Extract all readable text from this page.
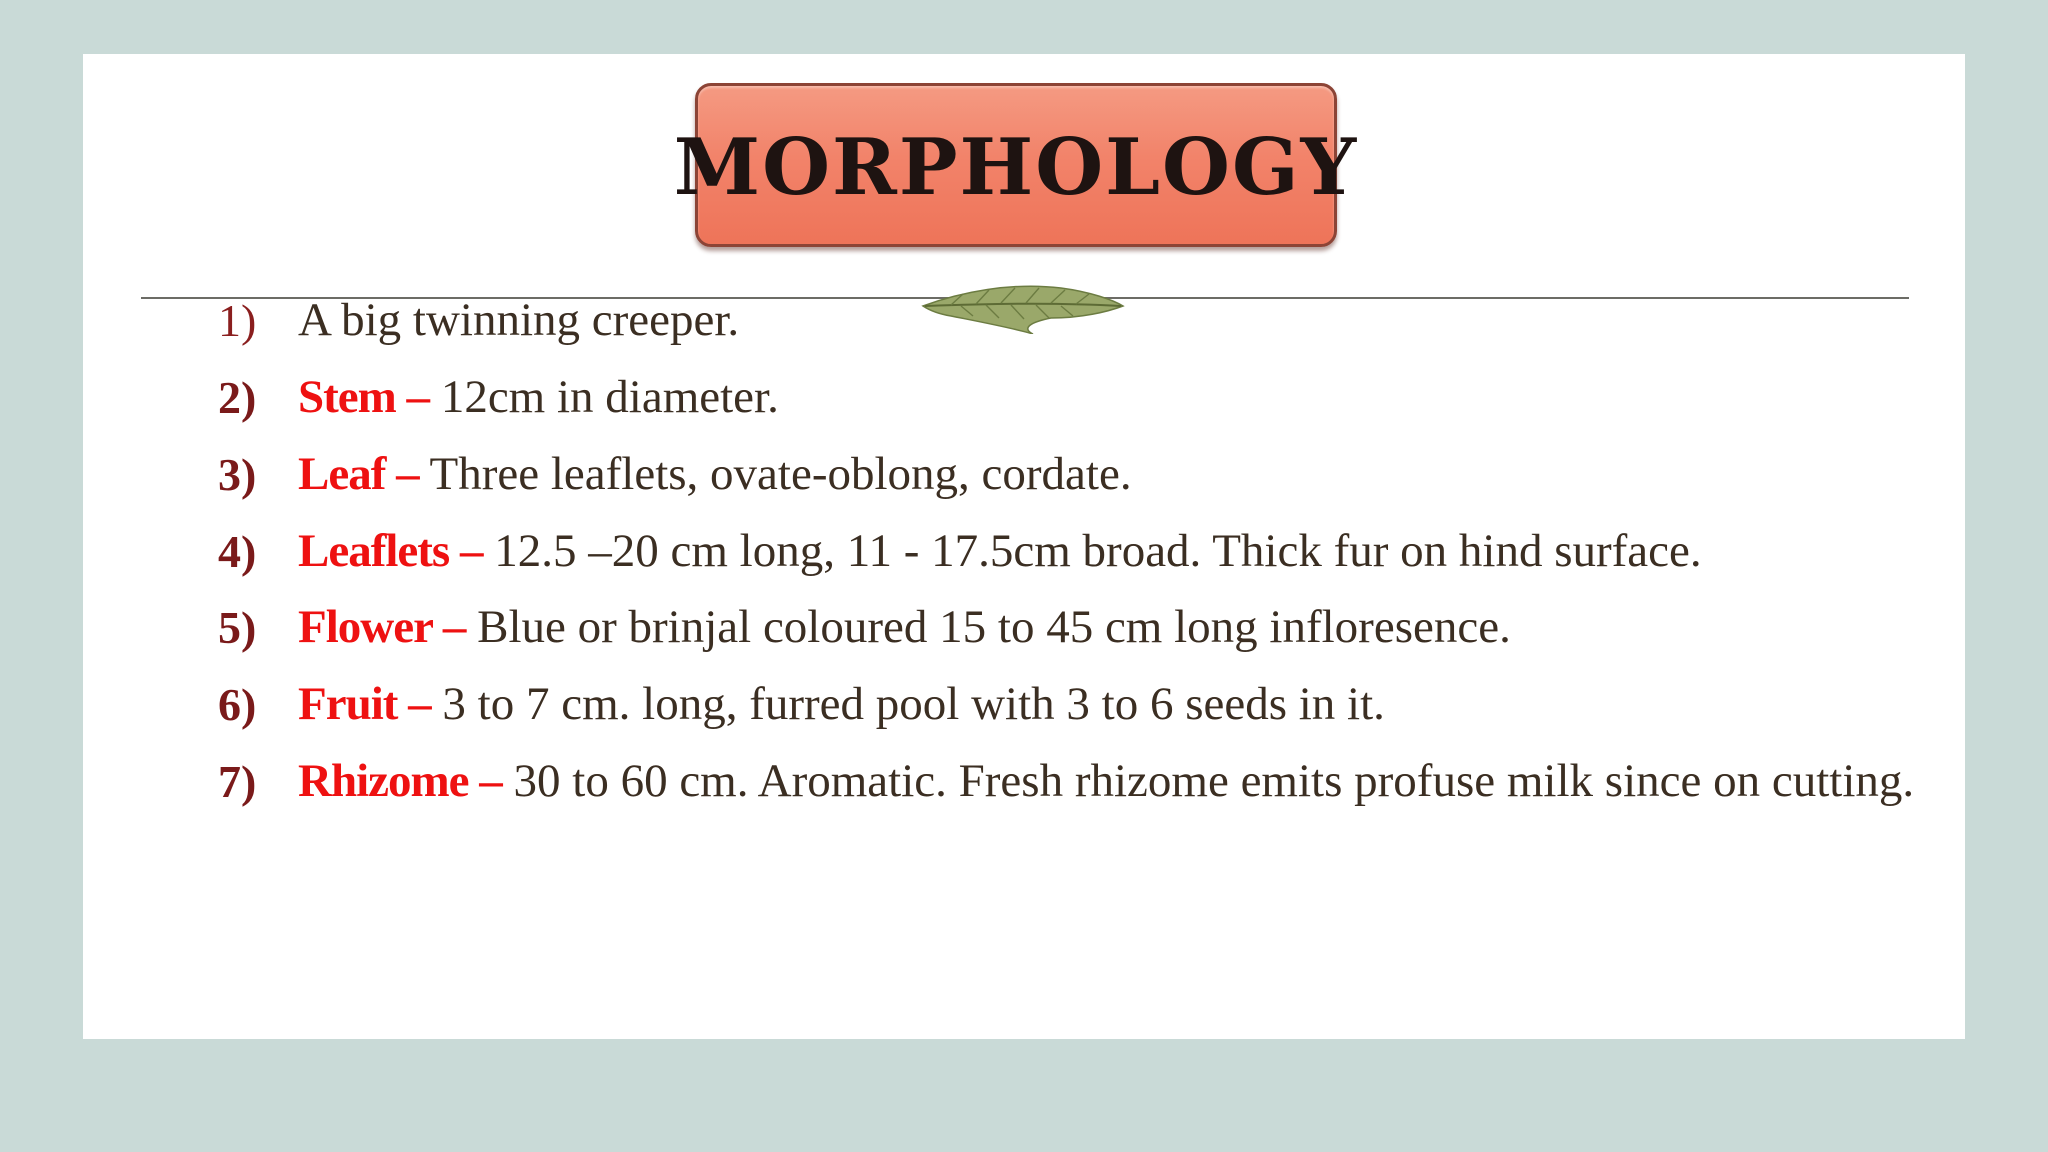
MORPHOLOGY
1) A big twinning creeper.
2) Stem – 12cm in diameter.
3) Leaf – Three leaflets, ovate-oblong, cordate.
4) Leaflets – 12.5 –20 cm long, 11 - 17.5cm broad. Thick fur on hind surface.
5) Flower – Blue or brinjal coloured 15 to 45 cm long infloresence.
6) Fruit – 3 to 7 cm. long, furred pool with 3 to 6 seeds in it.
7) Rhizome – 30 to 60 cm. Aromatic. Fresh rhizome emits profuse milk since on cutting.
